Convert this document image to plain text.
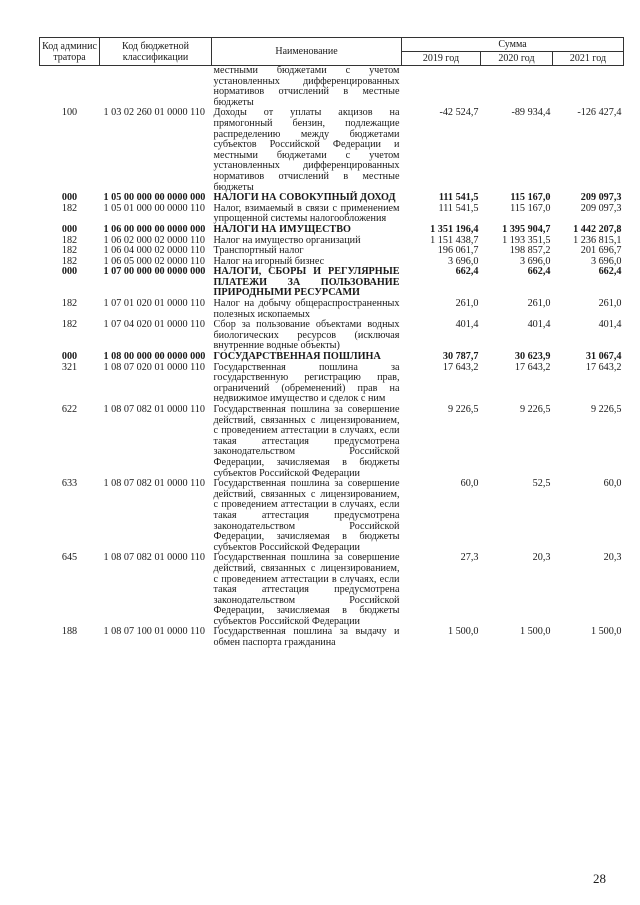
Код админис тратора	Код бюджетной классификации	Наименование	Сумма		
			2019 год	2020 год	2021 год
		местными бюджетами с учетом установленных дифференцированных нормативов отчислений в местные бюджеты			
100	1 03 02 260 01 0000 110	Доходы от уплаты акцизов на прямогонный бензин, подлежащие распределению между бюджетами субъектов Российской Федерации и местными бюджетами с учетом установленных дифференцированных нормативов отчислений в местные бюджеты	-42 524,7	-89 934,4	-126 427,4
000	1 05 00 000 00 0000 000	НАЛОГИ НА СОВОКУПНЫЙ ДОХОД	111 541,5	115 167,0	209 097,3
182	1 05 01 000 00 0000 110	Налог, взимаемый в связи с применением упрощенной системы налогообложения	111 541,5	115 167,0	209 097,3
000	1 06 00 000 00 0000 000	НАЛОГИ НА ИМУЩЕСТВО	1 351 196,4	1 395 904,7	1 442 207,8
182	1 06 02 000 02 0000 110	Налог на имущество организаций	1 151 438,7	1 193 351,5	1 236 815,1
182	1 06 04 000 02 0000 110	Транспортный налог	196 061,7	198 857,2	201 696,7
182	1 06 05 000 02 0000 110	Налог на игорный бизнес	3 696,0	3 696,0	3 696,0
000	1 07 00 000 00 0000 000	НАЛОГИ, СБОРЫ И РЕГУЛЯРНЫЕ ПЛАТЕЖИ ЗА ПОЛЬЗОВАНИЕ ПРИРОДНЫМИ РЕСУРСАМИ	662,4	662,4	662,4
182	1 07 01 020 01 0000 110	Налог на добычу общераспространенных полезных ископаемых	261,0	261,0	261,0
182	1 07 04 020 01 0000 110	Сбор за пользование объектами водных биологических ресурсов (исключая внутренние водные объекты)	401,4	401,4	401,4
000	1 08 00 000 00 0000 000	ГОСУДАРСТВЕННАЯ ПОШЛИНА	30 787,7	30 623,9	31 067,4
321	1 08 07 020 01 0000 110	Государственная пошлина за государственную регистрацию прав, ограничений (обременений) прав на недвижимое имущество и сделок с ним	17 643,2	17 643,2	17 643,2
622	1 08 07 082 01 0000 110	Государственная пошлина за совершение действий, связанных с лицензированием, с проведением аттестации в случаях, если такая аттестация предусмотрена законодательством Российской Федерации, зачисляемая в бюджеты субъектов Российской Федерации	9 226,5	9 226,5	9 226,5
633	1 08 07 082 01 0000 110	Государственная пошлина за совершение действий, связанных с лицензированием, с проведением аттестации в случаях, если такая аттестация предусмотрена законодательством Российской Федерации, зачисляемая в бюджеты субъектов Российской Федерации	60,0	52,5	60,0
645	1 08 07 082 01 0000 110	Государственная пошлина за совершение действий, связанных с лицензированием, с проведением аттестации в случаях, если такая аттестация предусмотрена законодательством Российской Федерации, зачисляемая в бюджеты субъектов Российской Федерации	27,3	20,3	20,3
188	1 08 07 100 01 0000 110	Государственная пошлина за выдачу и обмен паспорта гражданина	1 500,0	1 500,0	1 500,0
28
